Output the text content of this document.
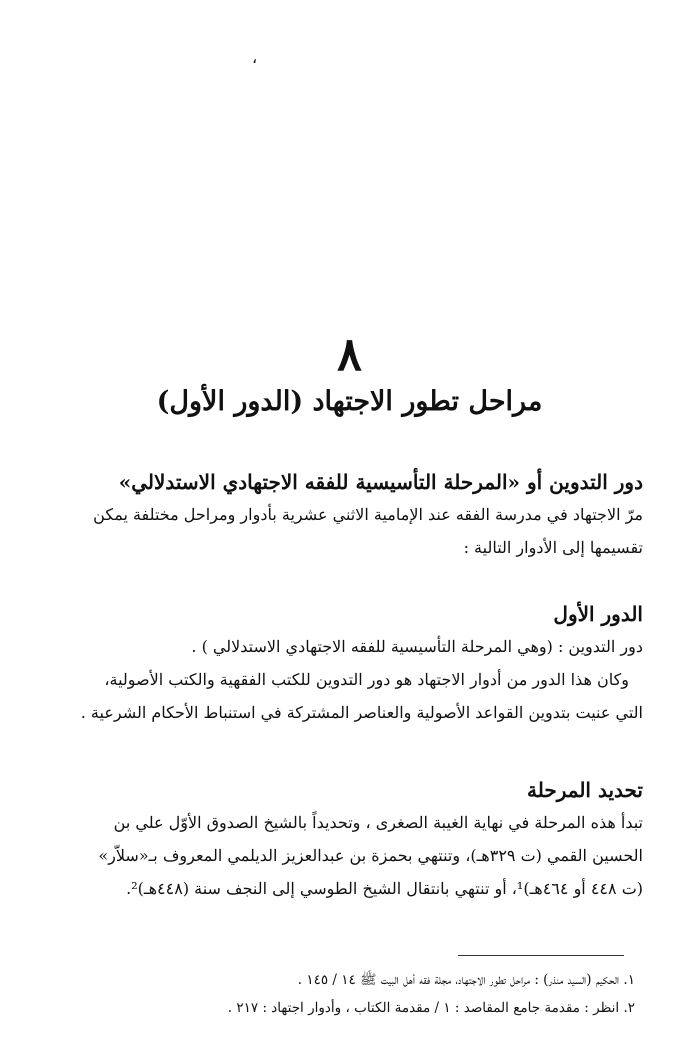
،
٨
مراحل تطور الاجتهاد (الدور الأول)
دور التدوين أو «المرحلة التأسيسية للفقه الاجتهادي الاستدلالي»
مرّ الاجتهاد في مدرسة الفقه عند الإمامية الاثني عشرية بأدوار ومراحل مختلفة يمكن
تقسيمها إلى الأدوار التالية :
الدور الأول
دور التدوين : (وهي المرحلة التأسيسية للفقه الاجتهادي الاستدلالي ) .
وكان هذا الدور من أدوار الاجتهاد هو دور التدوين للكتب الفقهية والكتب الأصولية،
التي عنيت بتدوين القواعد الأصولية والعناصر المشتركة في استنباط الأحكام الشرعية .
تحديد المرحلة
تبدأ هذه المرحلة في نهاية الغيبة الصغرى ، وتحديداً بالشيخ الصدوق الأوّل علي بن
الحسين القمي (ت ٣٢٩هـ)، وتنتهي بحمزة بن عبدالعزيز الديلمي المعروف بـ«سلاّر»
(ت ٤٤٨ أو ٤٦٤هـ)¹، أو تنتهي بانتقال الشيخ الطوسي إلى النجف سنة (٤٤٨هـ)².
١. الحكيم (السيد منذر) : مراحل تطور الاجتهاد، مجلة فقه أهل البيت ﷺ ١٤ / ١٤٥ .
٢. انظر : مقدمة جامع المقاصد : ١ / مقدمة الكتاب ، وأدوار اجتهاد : ٢١٧ .
